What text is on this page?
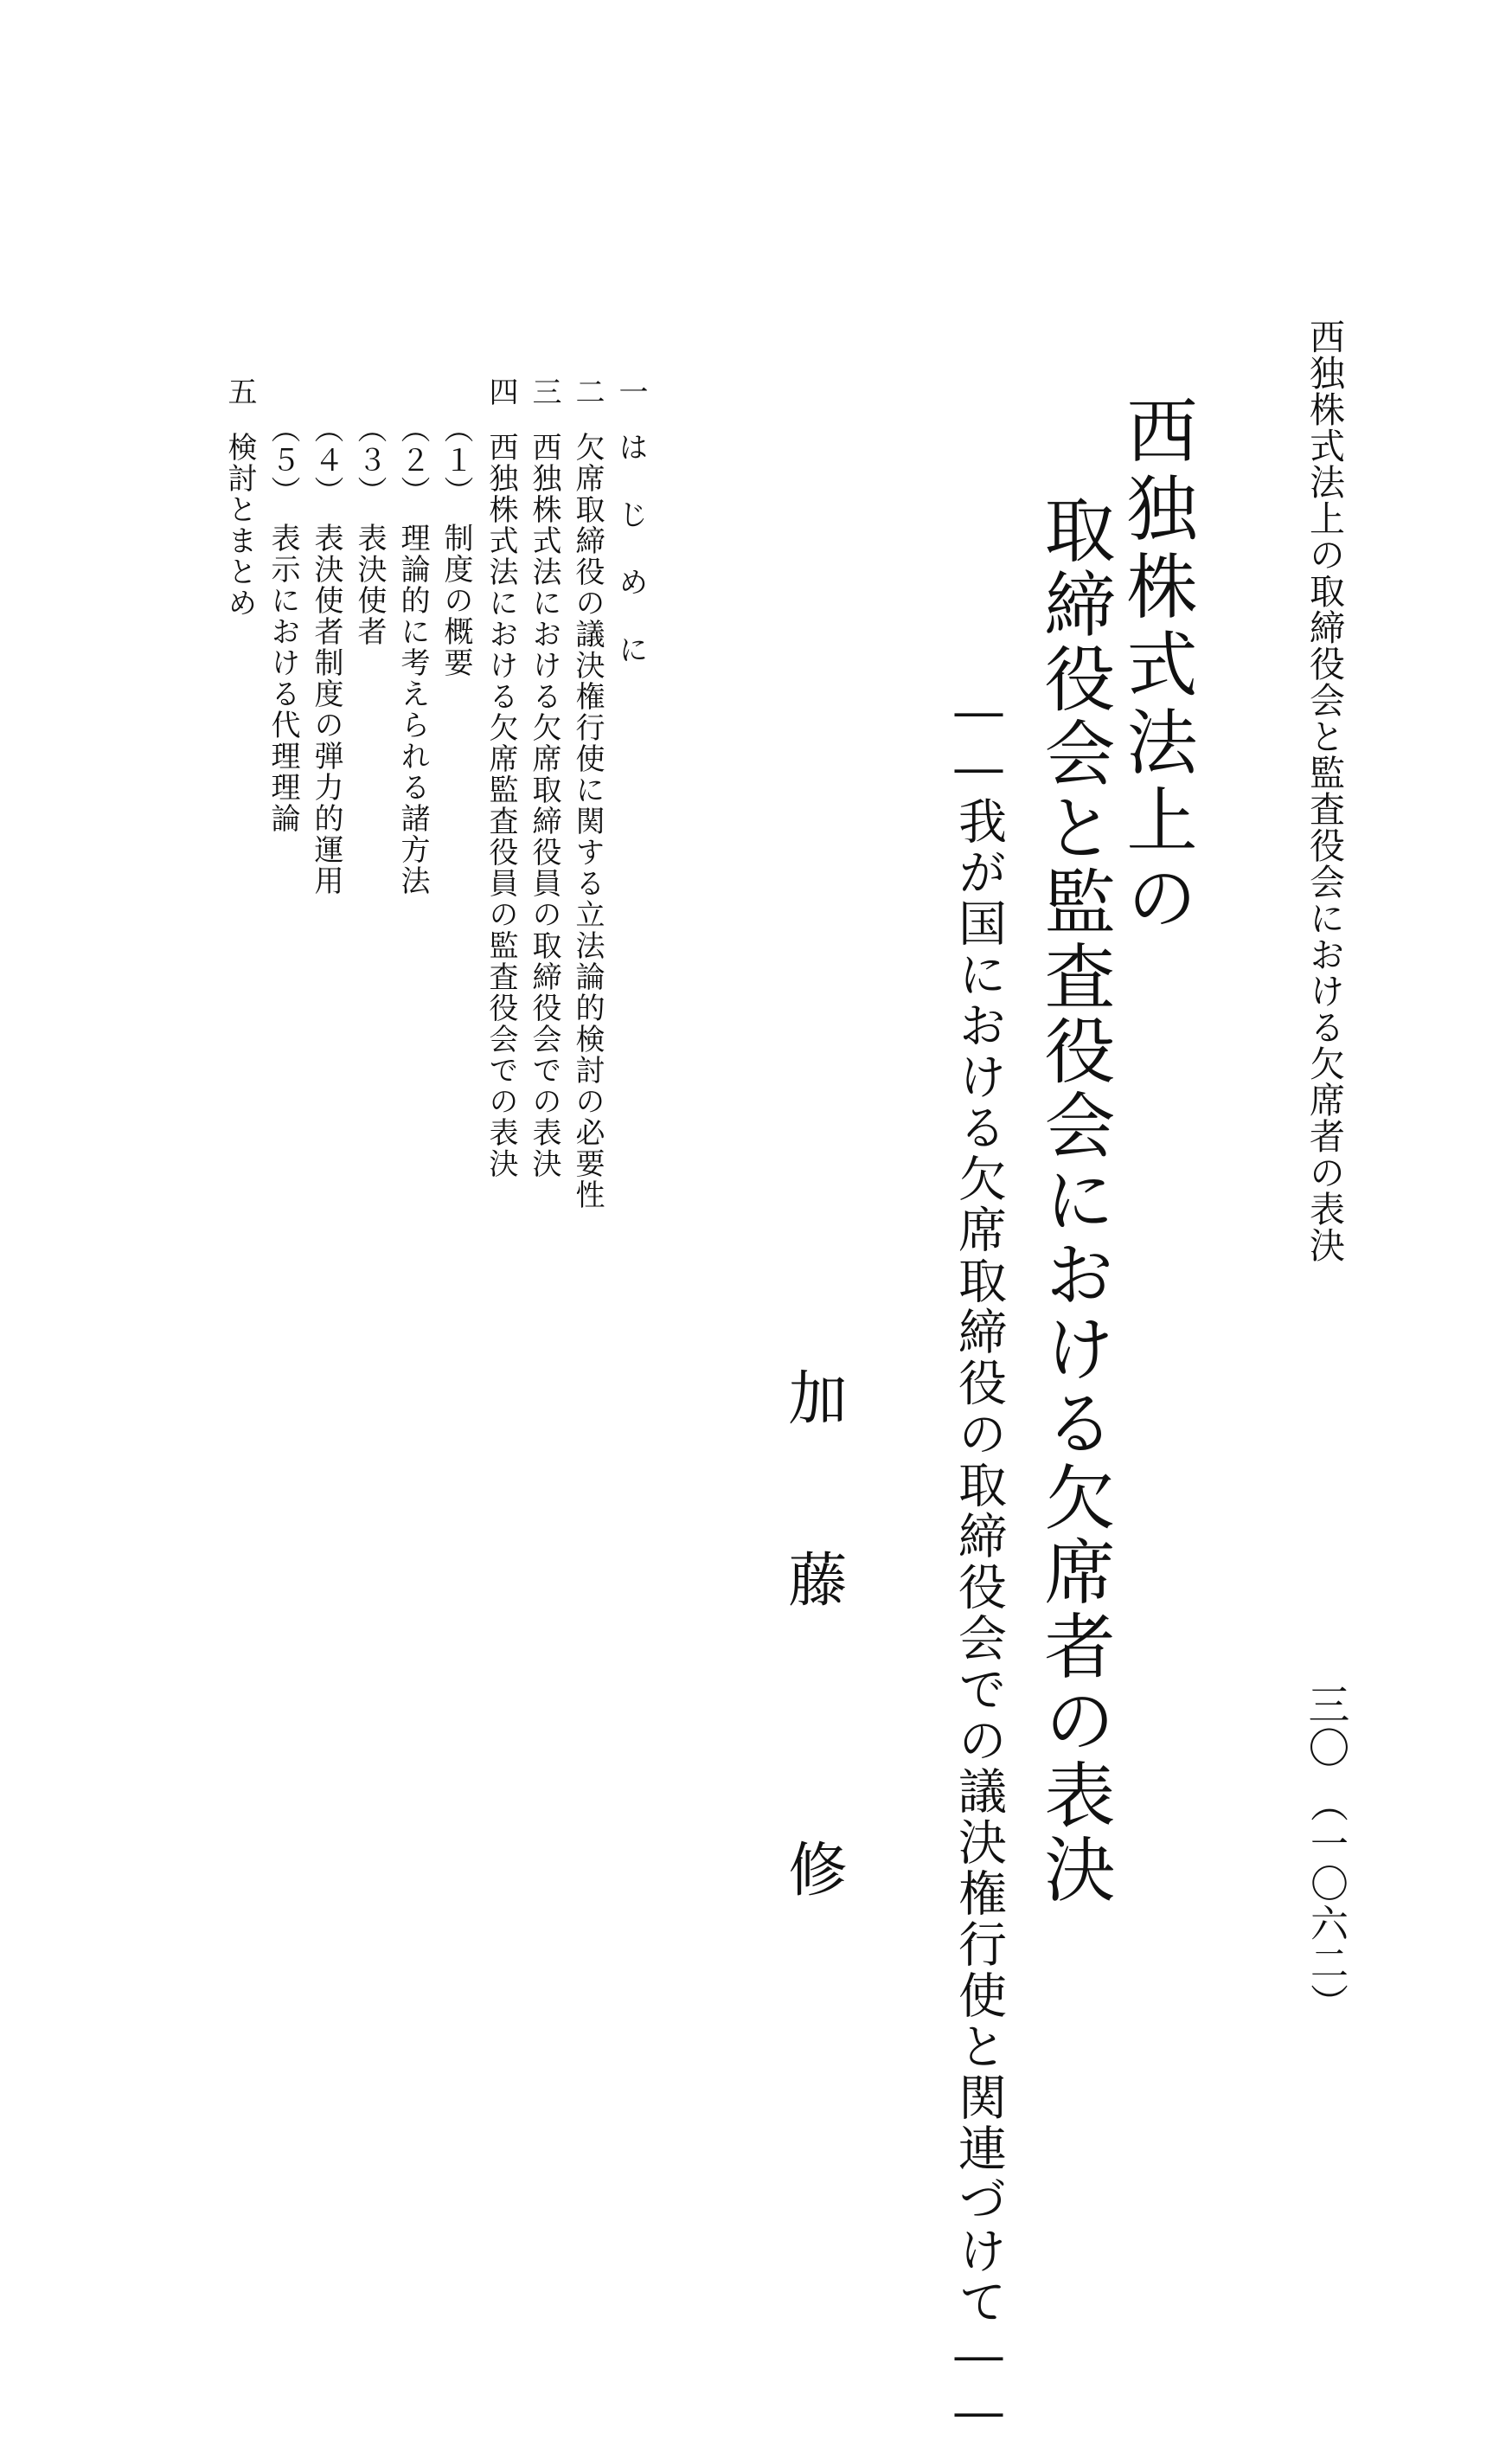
西独株式法上の取締役会と監査役会における欠席者の表決
三〇
（一〇六二）
西独株式法上の
取締役会と監査役会における欠席者の表決
――我が国における欠席取締役の取締役会での議決権行使と関連づけて――
加
藤
修
一は じ め に
二欠席取締役の議決権行使に関する立法論的検討の必要性
三西独株式法における欠席取締役員の取締役会での表決
四西独株式法における欠席監査役員の監査役会での表決
（１）制度の概要
（２）理論的に考えられる諸方法
（３）表決使者
（４）表決使者制度の弾力的運用
（５）表示における代理理論
五検討とまとめ
